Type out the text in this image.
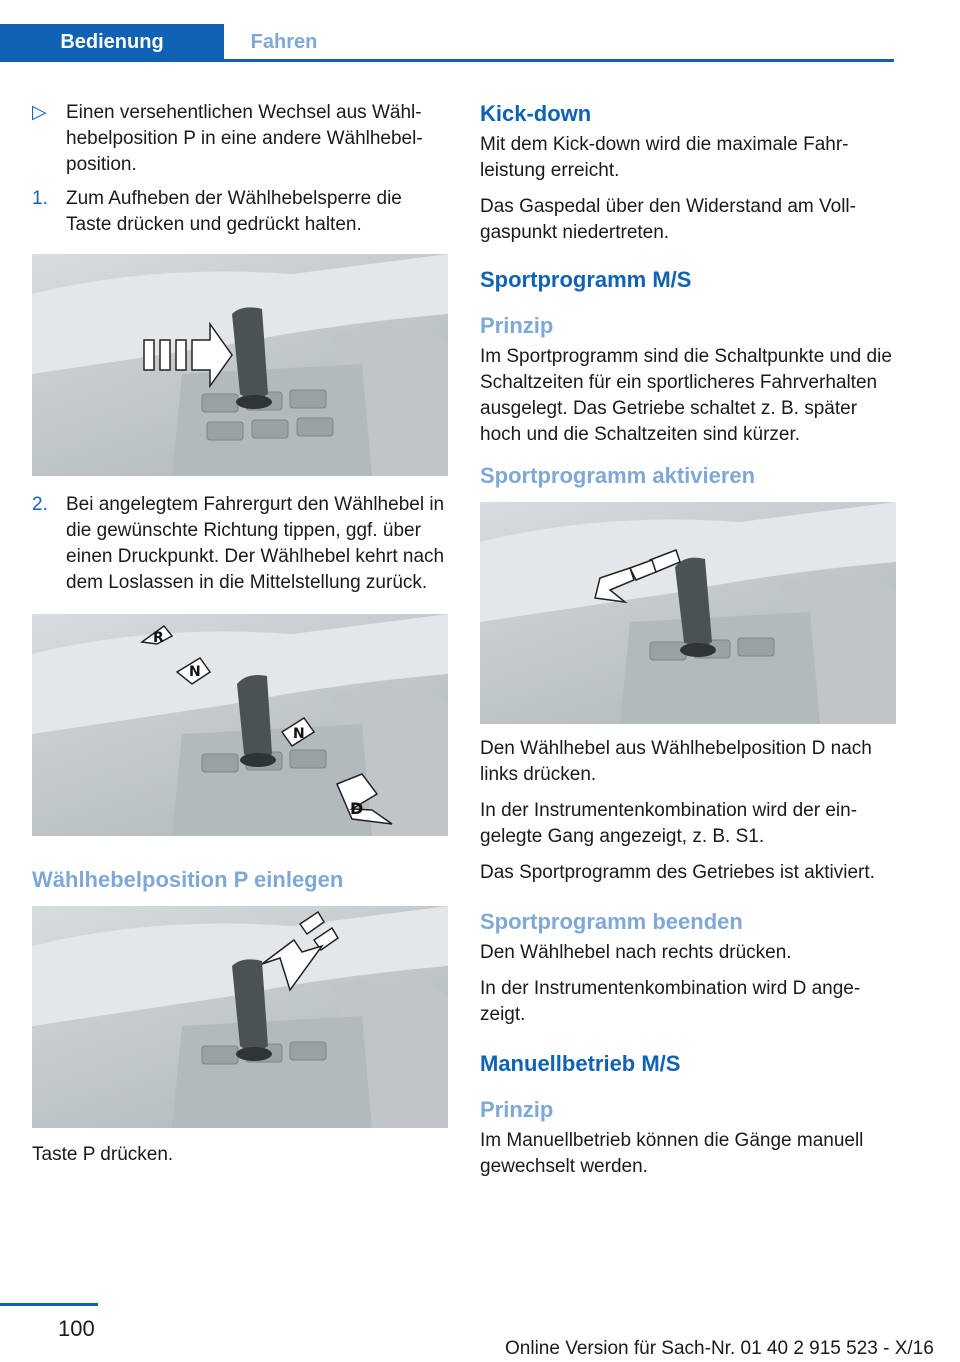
Bedienung	Fahren
▷ Einen versehentlichen Wechsel aus Wählhebelposition P in eine andere Wählhebelposition.
1. Zum Aufheben der Wählhebelsperre die Taste drücken und gedrückt halten.
2. Bei angelegtem Fahrergurt den Wählhebel in die gewünschte Richtung tippen, ggf. über einen Druckpunkt. Der Wählhebel kehrt nach dem Loslassen in die Mittelstellung zurück.
R
N
N
D
Wählhebelposition P einlegen

Taste P drücken.

Kick-down

Mit dem Kick-down wird die maximale Fahrleistung erreicht.

Das Gaspedal über den Widerstand am Vollgaspunkt niedertreten.

Sportprogramm M/S
Prinzip

Im Sportprogramm sind die Schaltpunkte und die Schaltzeiten für ein sportlicheres Fahrverhalten ausgelegt. Das Getriebe schaltet z. B. später hoch und die Schaltzeiten sind kürzer.

Sportprogramm aktivieren

Den Wählhebel aus Wählhebelposition D nach links drücken.

In der Instrumentenkombination wird der eingelegte Gang angezeigt, z. B. S1.

Das Sportprogramm des Getriebes ist aktiviert.

Sportprogramm beenden

Den Wählhebel nach rechts drücken.

In der Instrumentenkombination wird D angezeigt.

Manuellbetrieb M/S
Prinzip

Im Manuellbetrieb können die Gänge manuell gewechselt werden.

100
Online Version für Sach-Nr. 01 40 2 915 523 - X/16
